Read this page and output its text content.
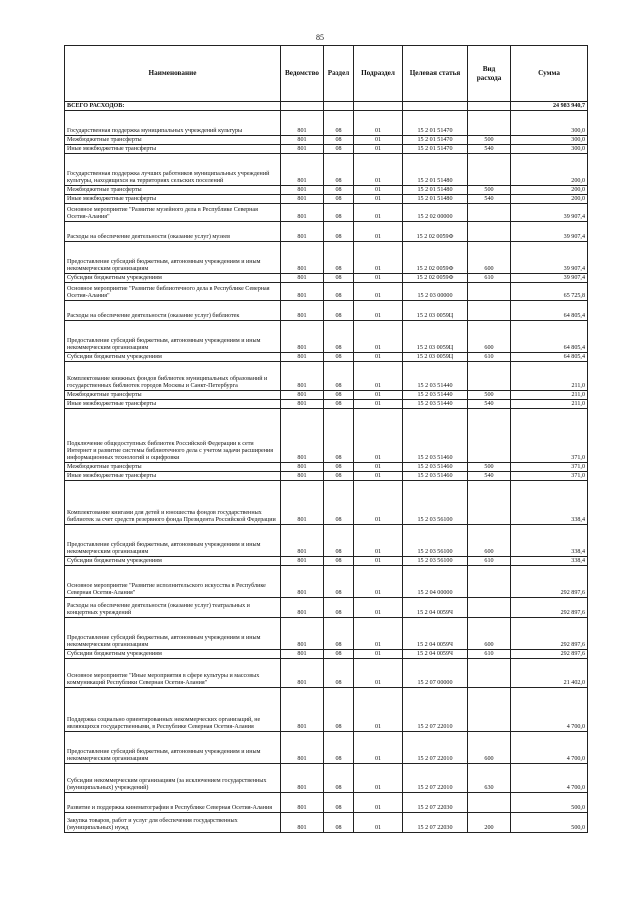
85
Наименование	Ведомство	Раздел	Подраздел	Целевая статья	Вид расхода	Сумма
ВСЕГО РАСХОДОВ:						24 983 940,7
Государственная поддержка муниципальных учреждений культуры	801	08	01	15 2 01 51470		300,0
Межбюджетные трансферты	801	08	01	15 2 01 51470	500	300,0
Иные межбюджетные трансферты	801	08	01	15 2 01 51470	540	300,0
Государственная поддержка лучших работников муниципальных учреждений культуры, находящихся на территориях сельских поселений	801	08	01	15 2 01 51480		200,0
Межбюджетные трансферты	801	08	01	15 2 01 51480	500	200,0
Иные межбюджетные трансферты	801	08	01	15 2 01 51480	540	200,0
Основное мероприятие "Развитие музейного дела в Республике Северная Осетия-Алания"	801	08	01	15 2 02 00000		39 907,4
Расходы на обеспечение деятельности (оказание услуг) музеев	801	08	01	15 2 02 0059Ф		39 907,4
Предоставление субсидий бюджетным, автономным учреждениям и иным некоммерческим организациям	801	08	01	15 2 02 0059Ф	600	39 907,4
Субсидии бюджетным учреждениям	801	08	01	15 2 02 0059Ф	610	39 907,4
Основное мероприятие "Развитие библиотечного дела в Республике Северная Осетия-Алания"	801	08	01	15 2 03 00000		65 725,8
Расходы на обеспечение деятельности (оказание услуг) библиотек	801	08	01	15 2 03 0059Ц		64 805,4
Предоставление субсидий бюджетным, автономным учреждениям и иным некоммерческим организациям	801	08	01	15 2 03 0059Ц	600	64 805,4
Субсидии бюджетным учреждениям	801	08	01	15 2 03 0059Ц	610	64 805,4
Комплектование книжных фондов библиотек муниципальных образований и государственных библиотек городов Москвы и Санкт-Петербурга	801	08	01	15 2 03 51440		211,0
Межбюджетные трансферты	801	08	01	15 2 03 51440	500	211,0
Иные межбюджетные трансферты	801	08	01	15 2 03 51440	540	211,0
Подключение общедоступных библиотек Российской Федерации к сети Интернет и развитие системы библиотечного дела с учетом задачи расширения информационных технологий и оцифровки	801	08	01	15 2 03 51460		371,0
Межбюджетные трансферты	801	08	01	15 2 03 51460	500	371,0
Иные межбюджетные трансферты	801	08	01	15 2 03 51460	540	371,0
Комплектование книгами для детей и юношества фондов государственных библиотек за счет средств резервного фонда Президента Российской Федерации	801	08	01	15 2 03 56100		338,4
Предоставление субсидий бюджетным, автономным учреждениям и иным некоммерческим организациям	801	08	01	15 2 03 56100	600	338,4
Субсидии бюджетным учреждениям	801	08	01	15 2 03 56100	610	338,4
Основное мероприятие "Развитие исполнительского искусства в Республике Северная Осетия-Алания"	801	08	01	15 2 04 00000		292 897,6
Расходы на обеспечение деятельности (оказание услуг) театральных и концертных учреждений	801	08	01	15 2 04 0059Ч		292 897,6
Предоставление субсидий бюджетным, автономным учреждениям и иным некоммерческим организациям	801	08	01	15 2 04 0059Ч	600	292 897,6
Субсидии бюджетным учреждениям	801	08	01	15 2 04 0059Ч	610	292 897,6
Основное мероприятие "Иные мероприятия в сфере культуры и массовых коммуникаций Республики Северная Осетия-Алания"	801	08	01	15 2 07 00000		21 402,0
Поддержка социально ориентированных некоммерческих организаций, не являющихся государственными, в Республике Северная Осетия-Алания	801	08	01	15 2 07 22010		4 700,0
Предоставление субсидий бюджетным, автономным учреждениям и иным некоммерческим организациям	801	08	01	15 2 07 22010	600	4 700,0
Субсидии некоммерческим организациям (за исключением государственных (муниципальных) учреждений)	801	08	01	15 2 07 22010	630	4 700,0
Развитие и поддержка кинематографии в Республике Северная Осетия-Алания	801	08	01	15 2 07 22030		500,0
Закупка товаров, работ и услуг для обеспечения государственных (муниципальных) нужд	801	08	01	15 2 07 22030	200	500,0
